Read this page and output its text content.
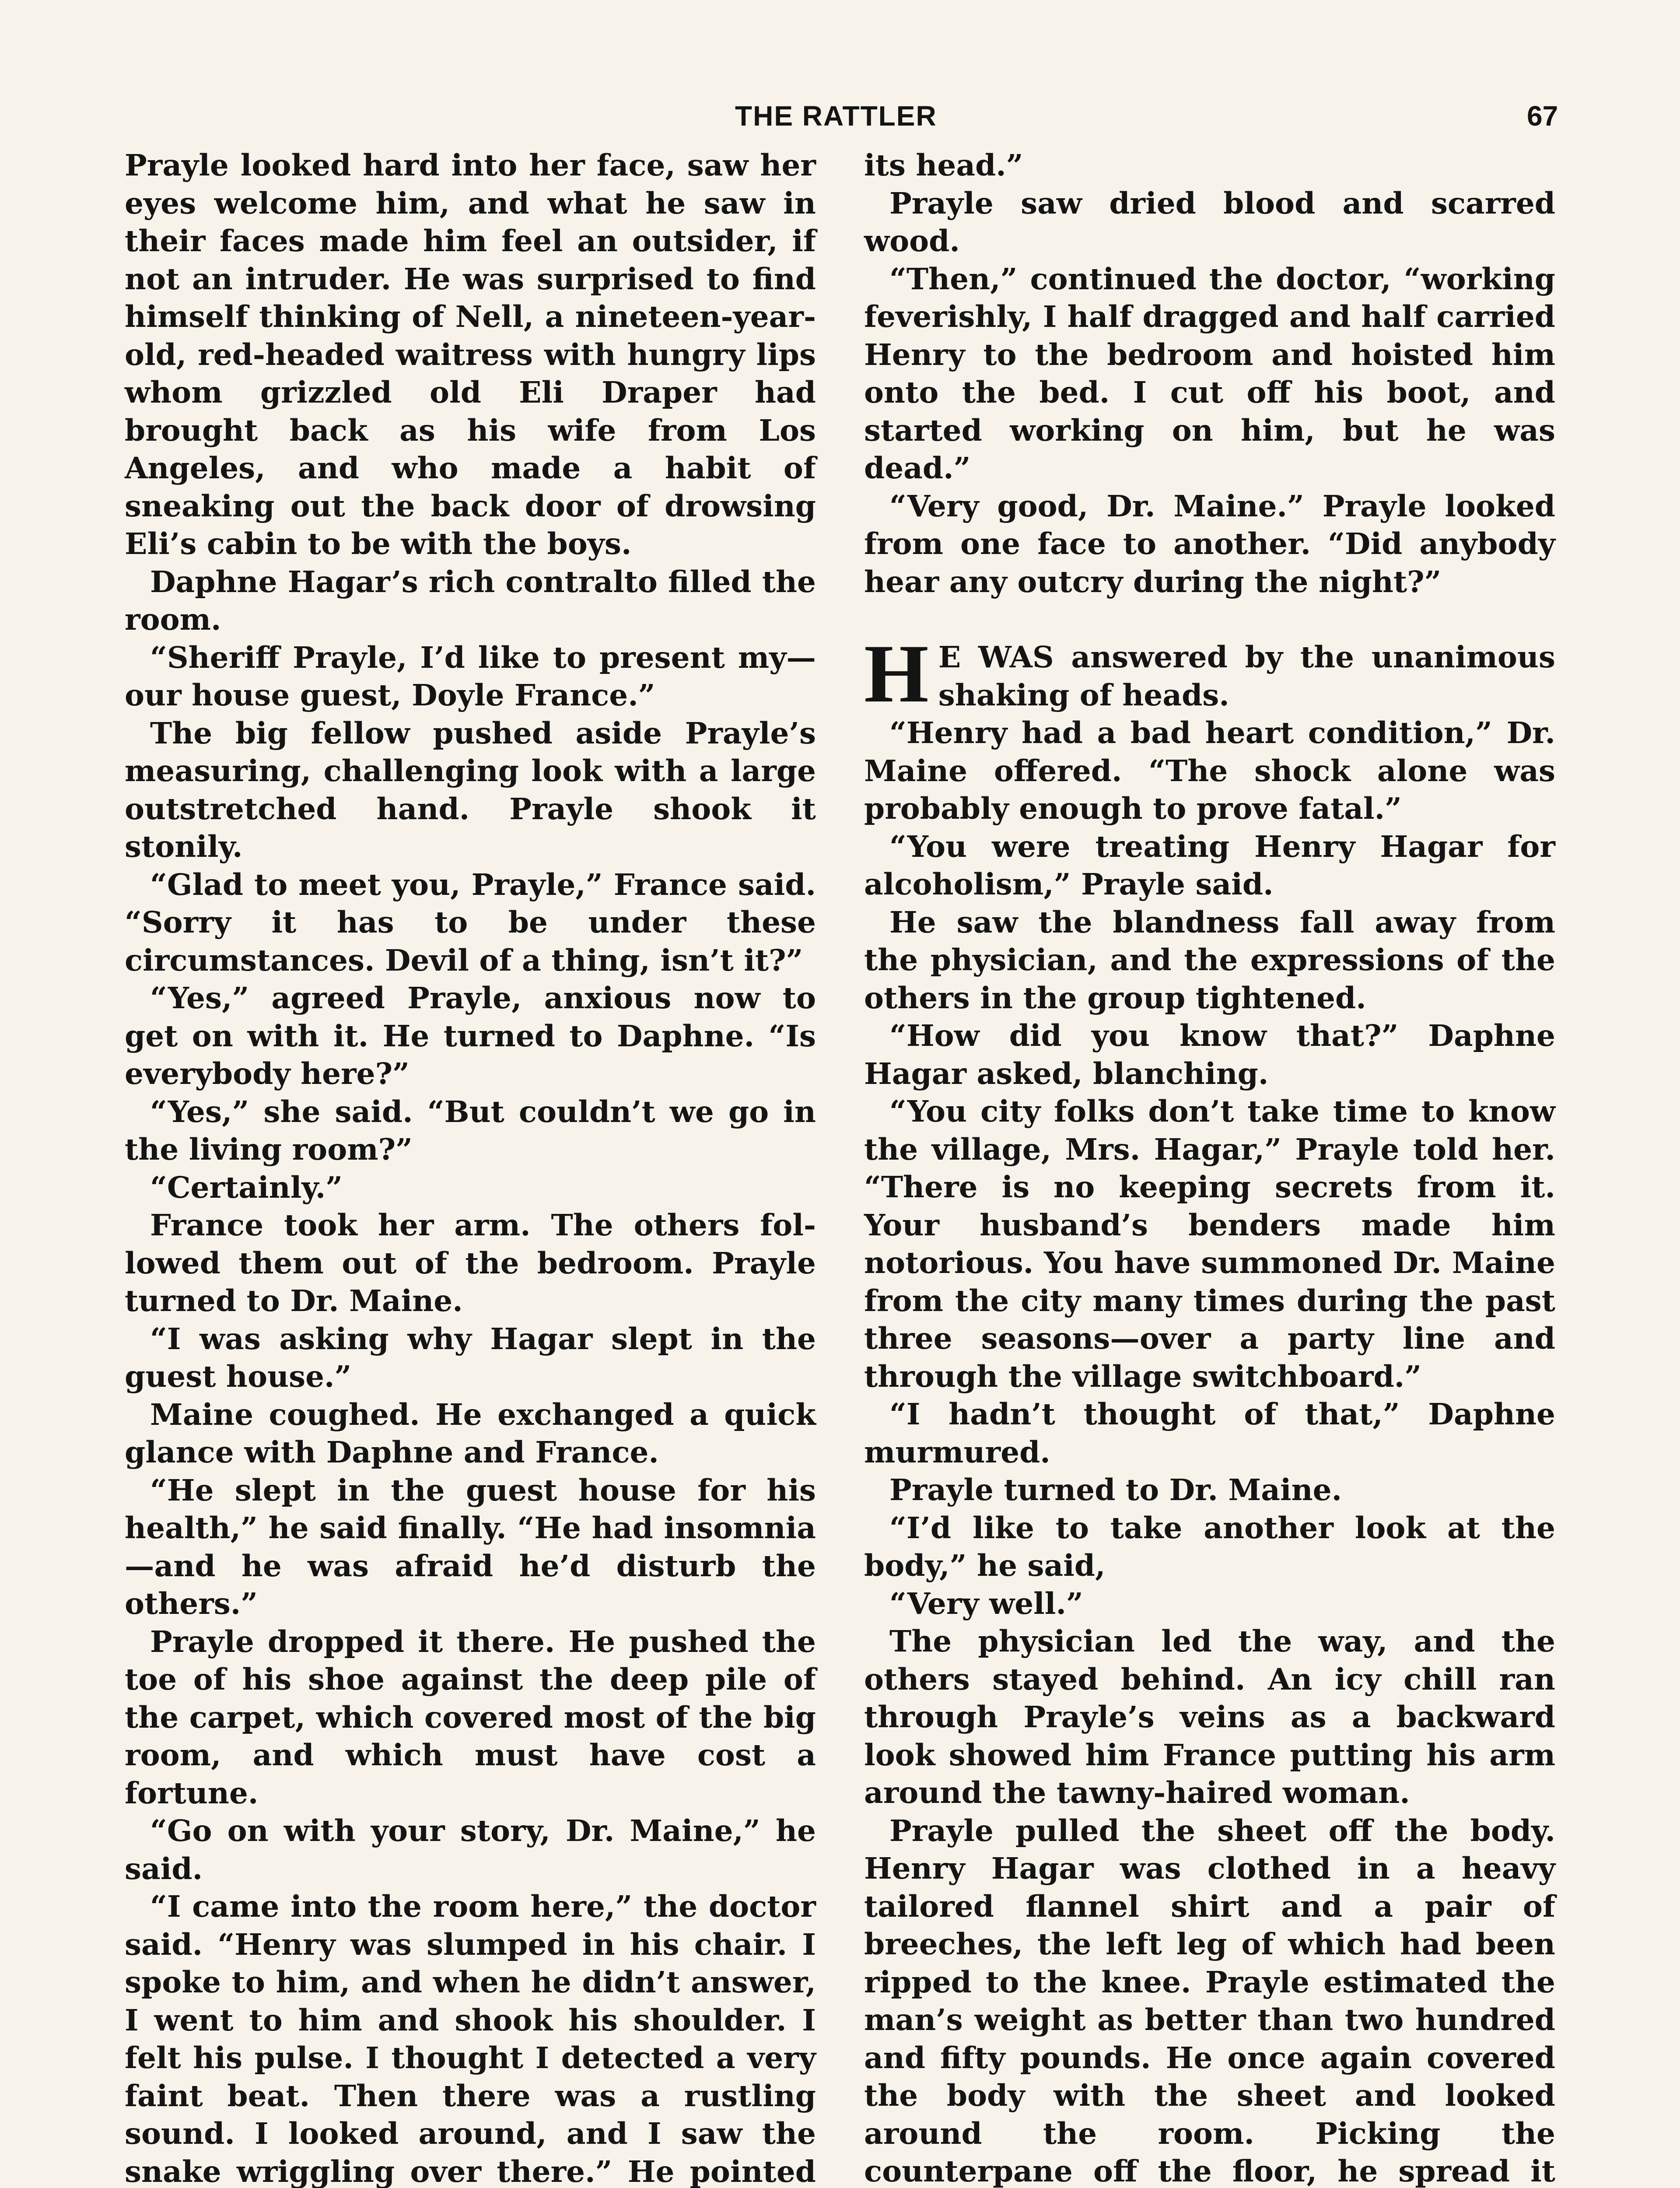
THE RATTLER	67

Prayle looked hard into her face, saw her eyes welcome him, and what he saw in their faces made him feel an outsider, if not an intruder. He was surprised to find himself thinking of Nell, a nineteen-year-old, red-headed waitress with hungry lips whom grizzled old Eli Draper had brought back as his wife from Los Angeles, and who made a habit of sneaking out the back door of drowsing Eli’s cabin to be with the boys.

Daphne Hagar’s rich contralto filled the room.

“Sheriff Prayle, I’d like to present my—our house guest, Doyle France.”

The big fellow pushed aside Prayle’s measuring, challenging look with a large outstretched hand. Prayle shook it stonily.

“Glad to meet you, Prayle,” France said. “Sorry it has to be under these circumstances. Devil of a thing, isn’t it?”

“Yes,” agreed Prayle, anxious now to get on with it. He turned to Daphne. “Is everybody here?”

“Yes,” she said. “But couldn’t we go in the living room?”

“Certainly.”

France took her arm. The others followed them out of the bedroom. Prayle turned to Dr. Maine.

“I was asking why Hagar slept in the guest house.”

Maine coughed. He exchanged a quick glance with Daphne and France.

“He slept in the guest house for his health,” he said finally. “He had insomnia—and he was afraid he’d disturb the others.”

Prayle dropped it there. He pushed the toe of his shoe against the deep pile of the carpet, which covered most of the big room, and which must have cost a fortune.

“Go on with your story, Dr. Maine,” he said.

“I came into the room here,” the doctor said. “Henry was slumped in his chair. I spoke to him, and when he didn’t answer, I went to him and shook his shoulder. I felt his pulse. I thought I detected a very faint beat. Then there was a rustling sound. I looked around, and I saw the snake wriggling over there.” He pointed

its head.”

Prayle saw dried blood and scarred wood.

“Then,” continued the doctor, “working feverishly, I half dragged and half carried Henry to the bedroom and hoisted him onto the bed. I cut off his boot, and started working on him, but he was dead.”

“Very good, Dr. Maine.” Prayle looked from one face to another. “Did anybody hear any outcry during the night?”

H E WAS answered by the unanimous shaking of heads.

“Henry had a bad heart condition,” Dr. Maine offered. “The shock alone was probably enough to prove fatal.”

“You were treating Henry Hagar for alcoholism,” Prayle said.

He saw the blandness fall away from the physician, and the expressions of the others in the group tightened.

“How did you know that?” Daphne Hagar asked, blanching.

“You city folks don’t take time to know the village, Mrs. Hagar,” Prayle told her. “There is no keeping secrets from it. Your husband’s benders made him notorious. You have summoned Dr. Maine from the city many times during the past three seasons—over a party line and through the village switchboard.”

“I hadn’t thought of that,” Daphne murmured.

Prayle turned to Dr. Maine.

“I’d like to take another look at the body,” he said,

“Very well.”

The physician led the way, and the others stayed behind. An icy chill ran through Prayle’s veins as a backward look showed him France putting his arm around the tawny-haired woman.

Prayle pulled the sheet off the body. Henry Hagar was clothed in a heavy tailored flannel shirt and a pair of breeches, the left leg of which had been ripped to the knee. Prayle estimated the man’s weight as better than two hundred and fifty pounds. He once again covered the body with the sheet and looked around the room. Picking the counterpane off the floor, he spread it
